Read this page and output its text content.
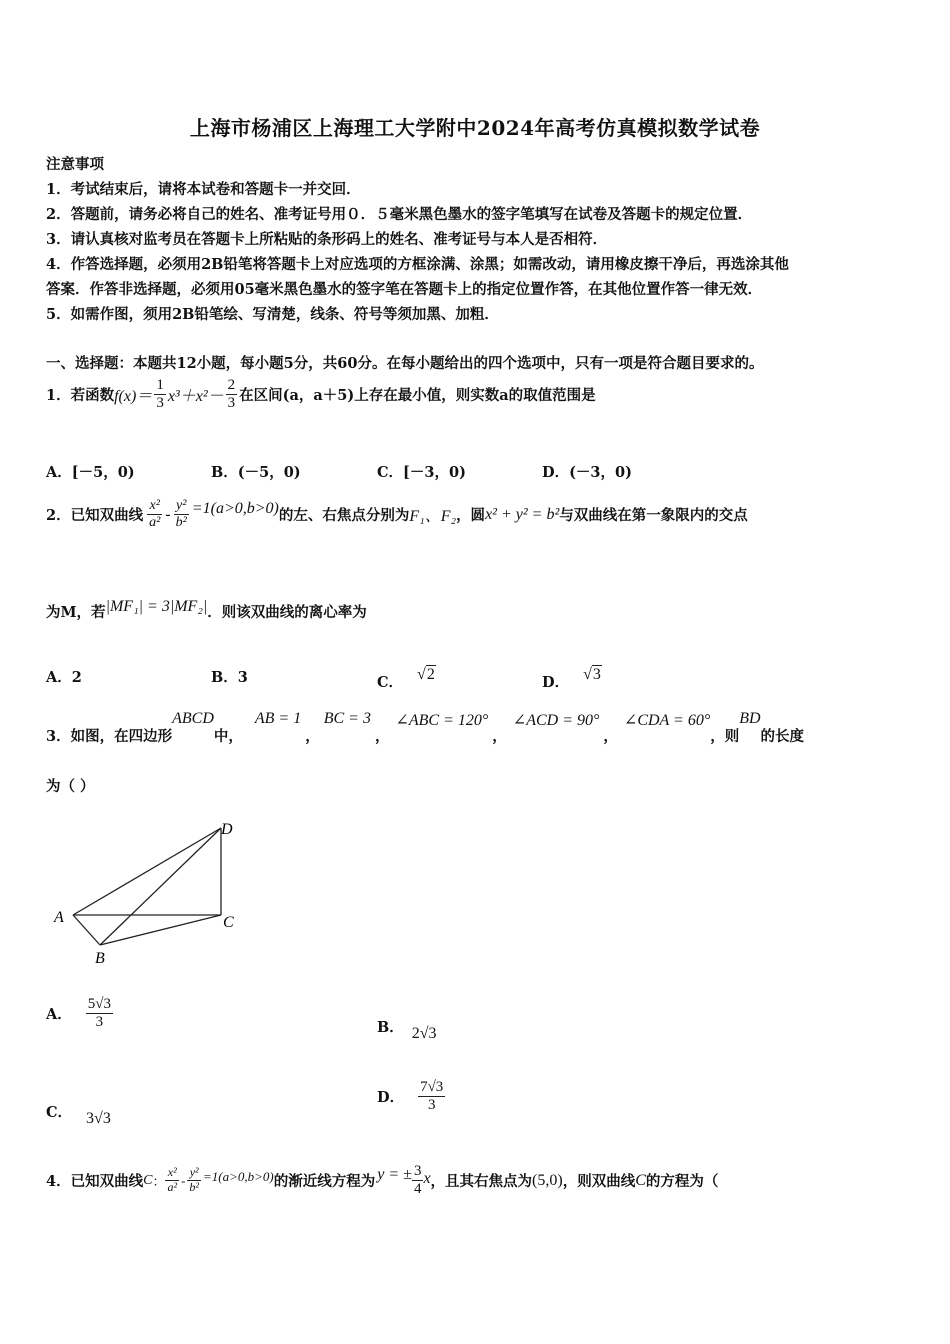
上海市杨浦区上海理工大学附中2024年高考仿真模拟数学试卷
注意事项
1．考试结束后，请将本试卷和答题卡一并交回．
2．答题前，请务必将自己的姓名、准考证号用０．５毫米黑色墨水的签字笔填写在试卷及答题卡的规定位置．
3．请认真核对监考员在答题卡上所粘贴的条形码上的姓名、准考证号与本人是否相符．
4．作答选择题，必须用2B铅笔将答题卡上对应选项的方框涂满、涂黑；如需改动，请用橡皮擦干净后，再选涂其他
答案．作答非选择题，必须用05毫米黑色墨水的签字笔在答题卡上的指定位置作答，在其他位置作答一律无效．
5．如需作图，须用2B铅笔绘、写清楚，线条、符号等须加黑、加粗．
一、选择题：本题共12小题，每小题5分，共60分。在每小题给出的四个选项中，只有一项是符合题目要求的。
1．若函数 $f(x)= \frac{1}{3} x^3+x^2- \frac{2}{3}$ 在区间(a，a＋5)上存在最小值，则实数a的取值范围是
A．[－5，0)	B．(－5，0)	C．[－3，0)	D．(－3，0)
2．已知双曲线 $\frac{\text{x²}}{\text{a²}} - \frac{\text{y²}}{\text{b²}} =1(a>0,b>0)$ 的左、右焦点分别为 F₁、F₂ ，圆 x² + y² = b² 与双曲线在第一象限内的交点
为M，若 |MF₁| = 3|MF₂| ．则该双曲线的离心率为
A．2	B．3	C． √2	D． √3
3．如图，在四边形
ABCD
中，
AB = 1
，
BC = 3
，
∠ABC = 120°
，
∠ACD = 90°
，
∠CDA = 60°
，则
BD
的长度
为（ ）
A
B
C
D
A． $\frac{5√3}{3}$	B． 2√3
C． 3√3
D． $\frac{7√3}{3}$
4．已知双曲线 C ： $\frac{\text{x²}}{\text{a²}} - \frac{\text{y²}}{\text{b²}} =1(a>0,b>0)$ 的渐近线方程为 y = ± $\frac{3}{4}$ x ，且其右焦点为 (5,0) ，则双曲线 C 的方程为（
